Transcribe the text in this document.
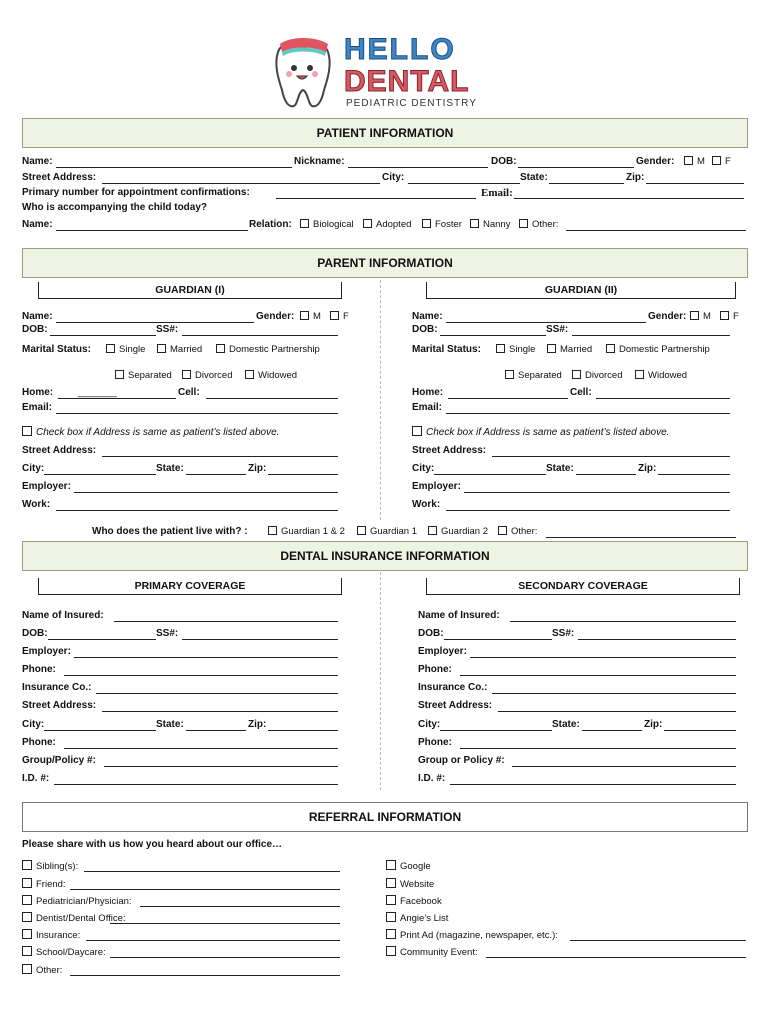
HELLO
DENTAL
PEDIATRIC DENTISTRY
PATIENT INFORMATION
Name:	Nickname:	DOB:	Gender:	M	F
Street Address:	City:	State:	Zip:
Primary number for appointment confirmations:	Email:
Who is accompanying the child today?
Name:	Relation:	Biological	Adopted	Foster	Nanny	Other:
PARENT INFORMATION
GUARDIAN (I)	GUARDIAN (II)
Name:	Gender:	M	F
DOB:	SS#:
Marital Status:	Single	Married	Domestic Partnership
Separated	Divorced	Widowed
Home: _______	Cell:
Email:
Check box if Address is same as patient’s listed above.
Street Address:
City:	State:	Zip:
Employer:
Work:
Name:	Gender:	M	F
DOB:	SS#:
Marital Status:	Single	Married	Domestic Partnership
Separated	Divorced	Widowed
Home:	Cell:
Email:
Check box if Address is same as patient’s listed above.
Street Address:
City:	State:	Zip:
Employer:
Work:
Who does the patient live with? :	Guardian 1 & 2	Guardian 1	Guardian 2	Other:
DENTAL INSURANCE INFORMATION
PRIMARY COVERAGE	SECONDARY COVERAGE
Name of Insured:
DOB:	SS#:
Employer:
Phone:
Insurance Co.:
Street Address:
City:	State:	Zip:
Phone:
Group/Policy #:
I.D. #:
Name of Insured:
DOB:	SS#:
Employer:
Phone:
Insurance Co.:
Street Address:
City:	State:	Zip:
Phone:
Group or Policy #:
I.D. #:
REFERRAL INFORMATION
Please share with us how you heard about our office…
Sibling(s):
Friend:
Pediatrician/Physician:
Dentist/Dental Office:
Insurance:
School/Daycare:
Other:
Google
Website
Facebook
Angie’s List
Print Ad (magazine, newspaper, etc.):
Community Event:
